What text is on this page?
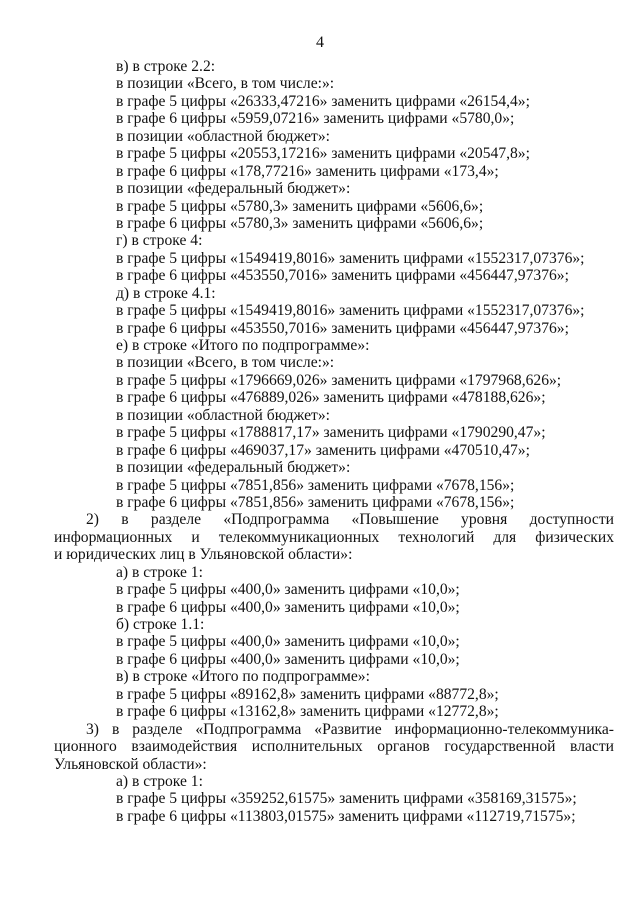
4
в) в строке 2.2:
в позиции «Всего, в том числе:»:
в графе 5 цифры «26333,47216» заменить цифрами «26154,4»;
в графе 6 цифры «5959,07216» заменить цифрами «5780,0»;
в позиции «областной бюджет»:
в графе 5 цифры «20553,17216» заменить цифрами «20547,8»;
в графе 6 цифры «178,77216» заменить цифрами «173,4»;
в позиции «федеральный бюджет»:
в графе 5 цифры «5780,3» заменить цифрами «5606,6»;
в графе 6 цифры «5780,3» заменить цифрами «5606,6»;
г) в строке 4:
в графе 5 цифры «1549419,8016» заменить цифрами «1552317,07376»;
в графе 6 цифры «453550,7016» заменить цифрами «456447,97376»;
д) в строке 4.1:
в графе 5 цифры «1549419,8016» заменить цифрами «1552317,07376»;
в графе 6 цифры «453550,7016» заменить цифрами «456447,97376»;
е) в строке «Итого по подпрограмме»:
в позиции «Всего, в том числе:»:
в графе 5 цифры «1796669,026» заменить цифрами «1797968,626»;
в графе 6 цифры «476889,026» заменить цифрами «478188,626»;
в позиции «областной бюджет»:
в графе 5 цифры «1788817,17» заменить цифрами «1790290,47»;
в графе 6 цифры «469037,17» заменить цифрами «470510,47»;
в позиции «федеральный бюджет»:
в графе 5 цифры «7851,856» заменить цифрами «7678,156»;
в графе 6 цифры «7851,856» заменить цифрами «7678,156»;
2) в разделе «Подпрограмма «Повышение уровня доступности
информационных и телекоммуникационных технологий для физических
и юридических лиц в Ульяновской области»:
а) в строке 1:
в графе 5 цифры «400,0» заменить цифрами «10,0»;
в графе 6 цифры «400,0» заменить цифрами «10,0»;
б) строке 1.1:
в графе 5 цифры «400,0» заменить цифрами «10,0»;
в графе 6 цифры «400,0» заменить цифрами «10,0»;
в) в строке «Итого по подпрограмме»:
в графе 5 цифры «89162,8» заменить цифрами «88772,8»;
в графе 6 цифры «13162,8» заменить цифрами «12772,8»;
3) в разделе «Подпрограмма «Развитие информационно-телекоммуника-
ционного взаимодействия исполнительных органов государственной власти
Ульяновской области»:
а) в строке 1:
в графе 5 цифры «359252,61575» заменить цифрами «358169,31575»;
в графе 6 цифры «113803,01575» заменить цифрами «112719,71575»;
